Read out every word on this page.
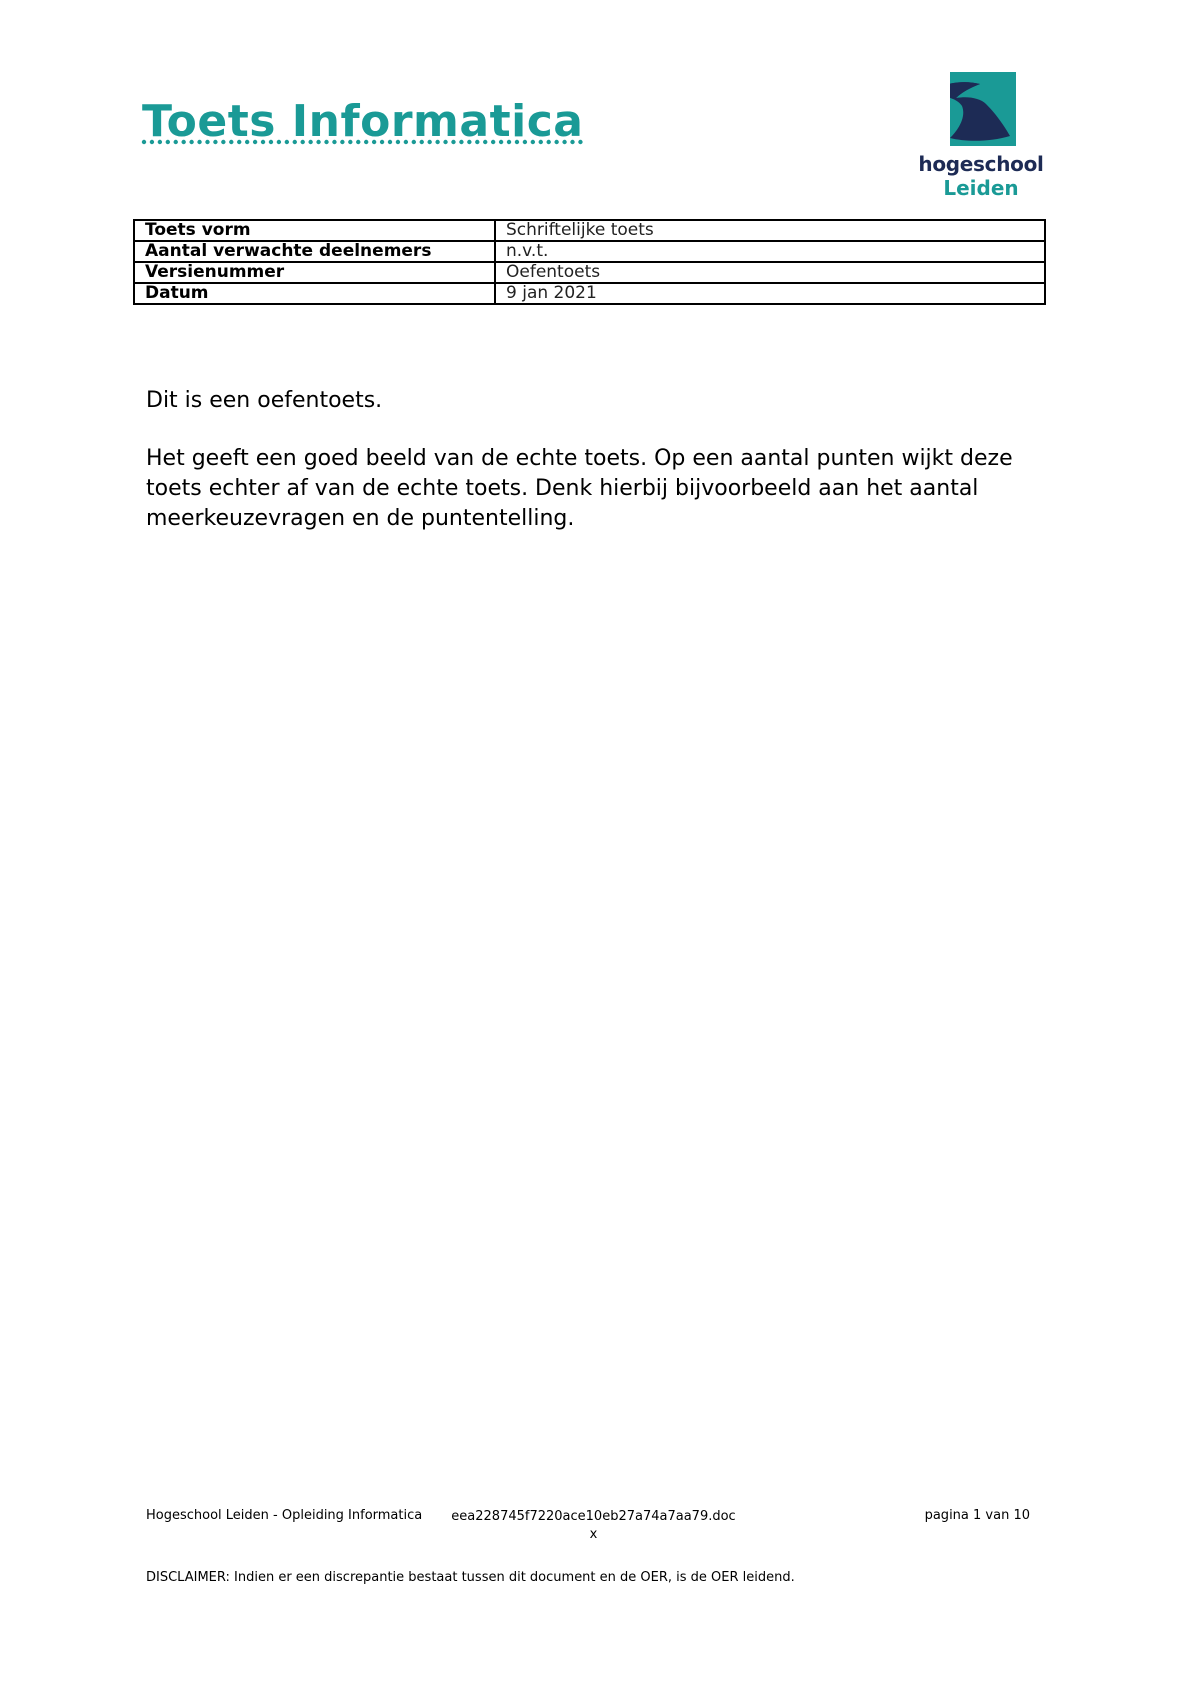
Toets Informatica
hogeschool
Leiden
Toets vorm	Schriftelijke toets
Aantal verwachte deelnemers	n.v.t.
Versienummer	Oefentoets
Datum	9 jan 2021

Dit is een oefentoets.

Het geeft een goed beeld van de echte toets. Op een aantal punten wijkt deze toets echter af van de echte toets. Denk hierbij bijvoorbeeld aan het aantal meerkeuzevragen en de puntentelling.

Hogeschool Leiden - Opleiding Informatica eea228745f7220ace10eb27a74a7aa79.docx
pagina 1 van 10
DISCLAIMER: Indien er een discrepantie bestaat tussen dit document en de OER, is de OER leidend.
